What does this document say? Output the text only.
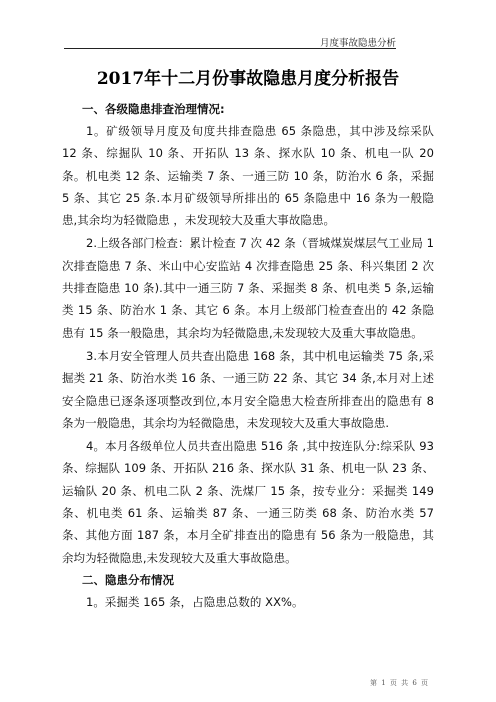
月度事故隐患分析
2017年十二月份事故隐患月度分析报告

一、各级隐患排查治理情况:

1。矿级领导月度及旬度共排查隐患 65 条隐患，其中涉及综采队 12 条、综掘队 10 条、开拓队 13 条、探水队 10 条、机电一队 20 条。机电类 12 条、运输类 7 条、一通三防 10 条，防治水 6 条，采掘 5 条、其它 25 条.本月矿级领导所排出的 65 条隐患中 16 条为一般隐患,其余均为轻微隐患 ，未发现较大及重大事故隐患。

2.上级各部门检查：累计检查 7 次 42 条（晋城煤炭煤层气工业局 1 次排查隐患 7 条、米山中心安监站 4 次排查隐患 25 条、科兴集团 2 次共排查隐患 10 条).其中一通三防 7 条、采掘类 8 条、机电类 5 条,运输类 15 条、防治水 1 条、其它 6 条。本月上级部门检查查出的 42 条隐患有 15 条一般隐患，其余均为轻微隐患,未发现较大及重大事故隐患。

3.本月安全管理人员共查出隐患 168 条，其中机电运输类 75 条,采掘类 21 条、防治水类 16 条、一通三防 22 条、其它 34 条,本月对上述安全隐患已逐条逐项整改到位,本月安全隐患大检查所排查出的隐患有 8 条为一般隐患，其余均为轻微隐患，未发现较大及重大事故隐患.

4。本月各级单位人员共查出隐患 516 条 ,其中按连队分:综采队 93 条、综掘队 109 条、开拓队 216 条、探水队 31 条、机电一队 23 条、运输队 20 条、机电二队 2 条、洗煤厂 15 条，按专业分：采掘类 149 条、机电类 61 条、运输类 87 条、一通三防类 68 条、防治水类 57 条、其他方面 187 条，本月全矿排查出的隐患有 56 条为一般隐患，其余均为轻微隐患,未发现较大及重大事故隐患。

二、隐患分布情况

1。采掘类 165 条，占隐患总数的 XX%。

第 1 页 共 6 页
